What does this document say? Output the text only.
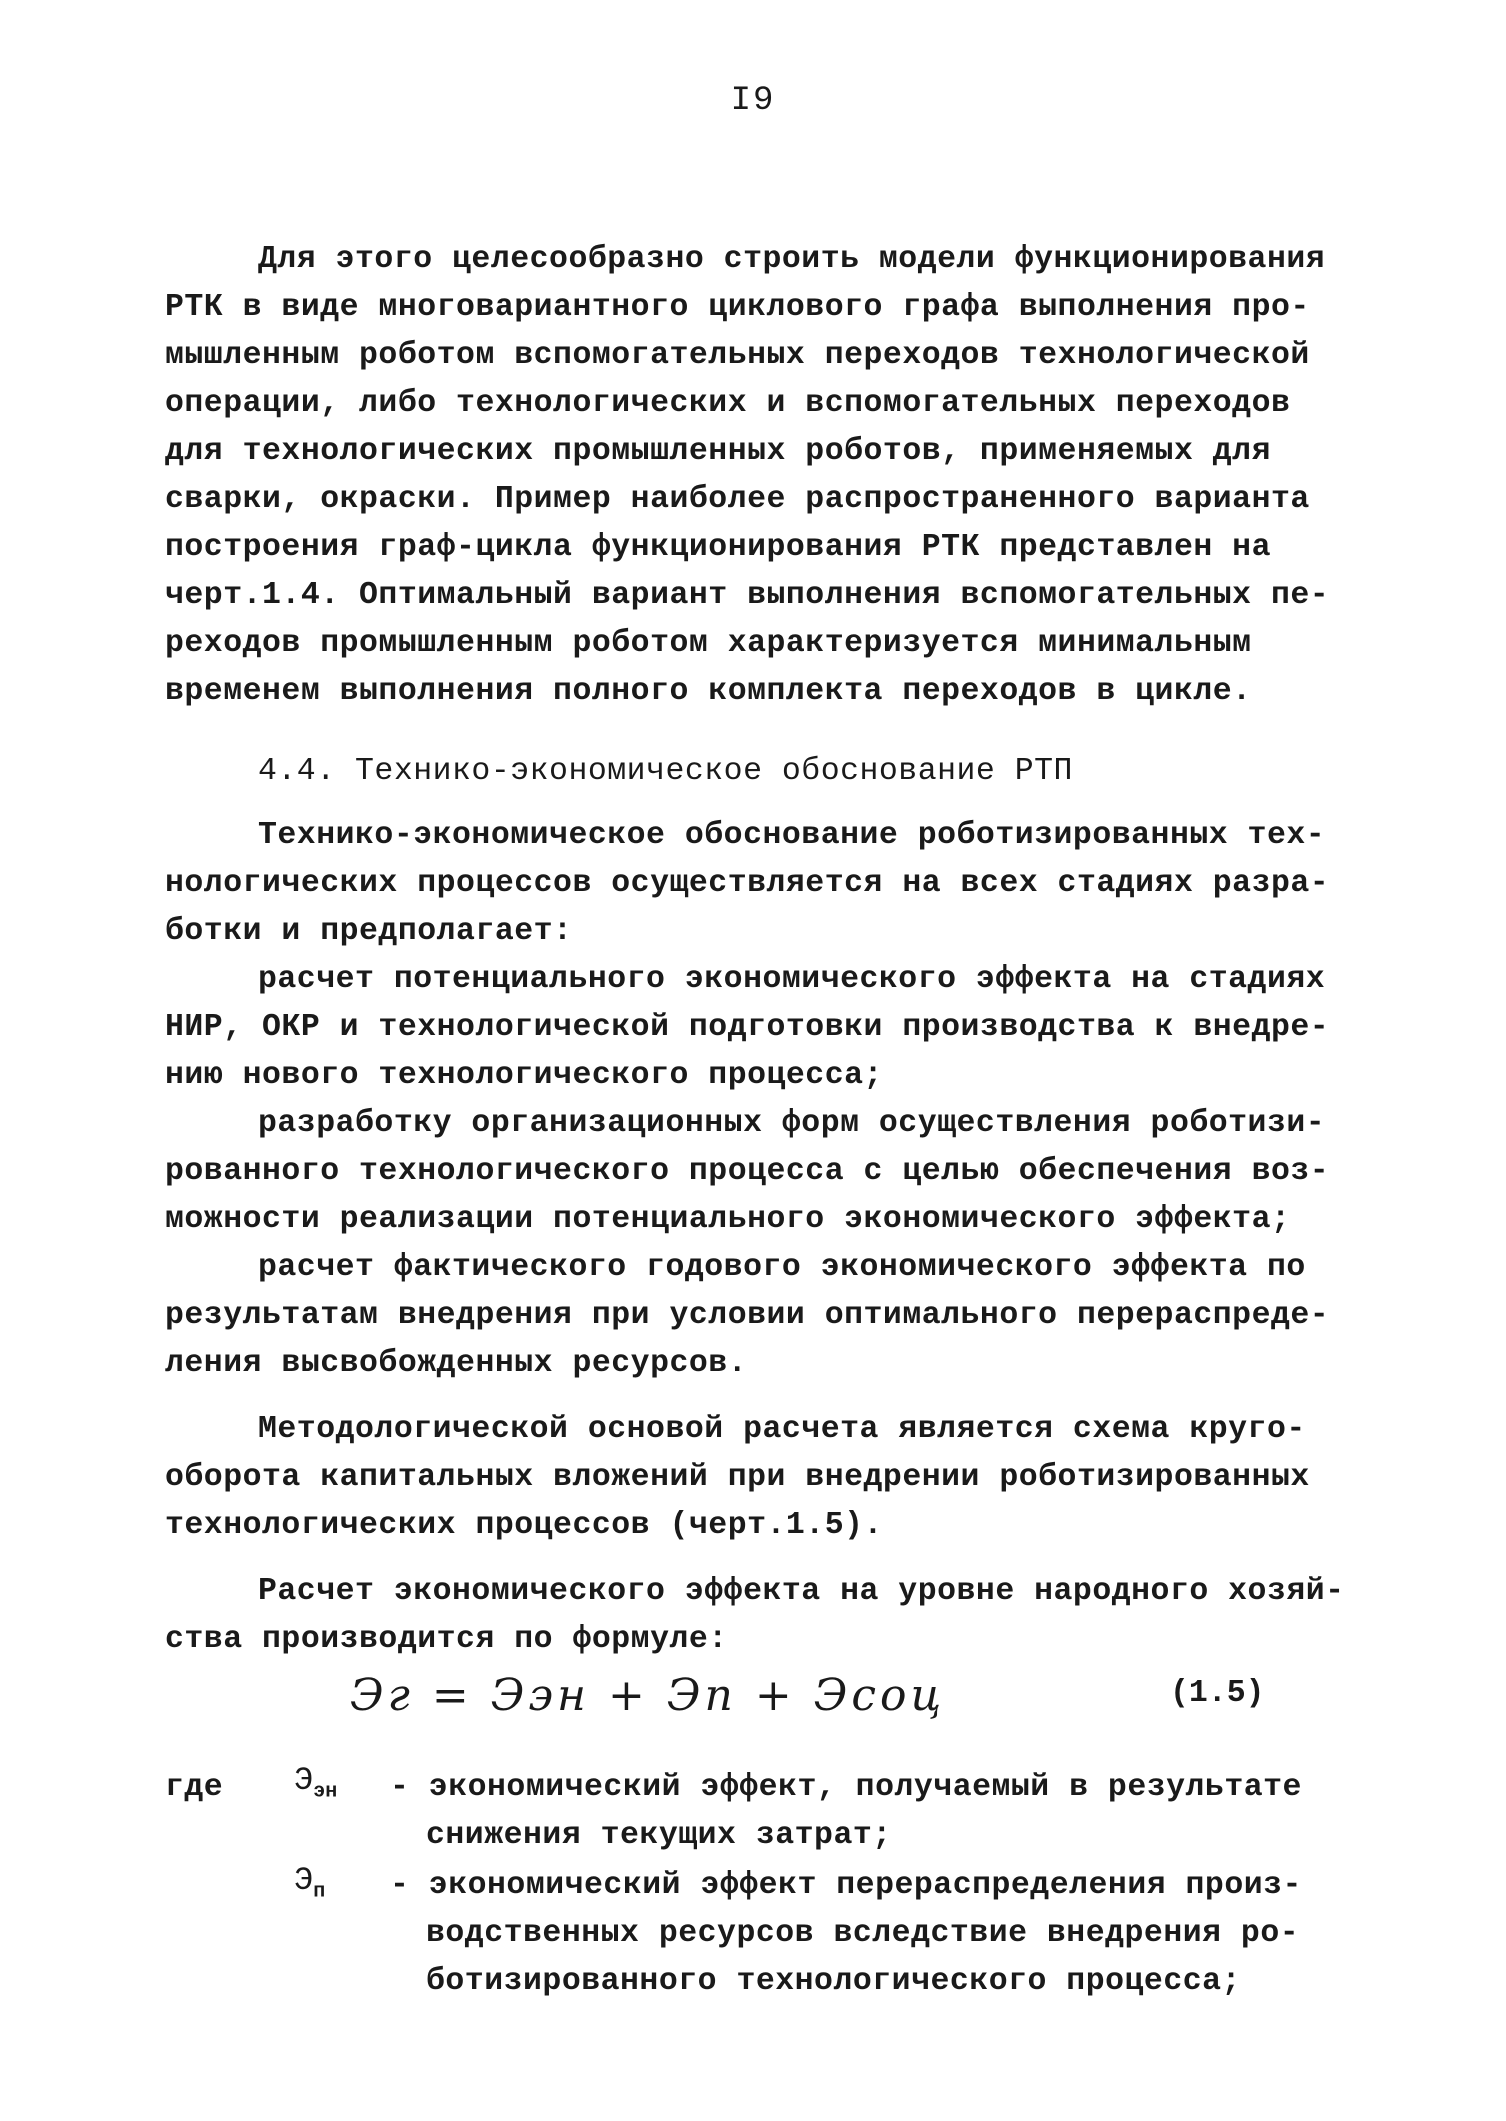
I9
Для этого целесообразно строить модели функционирования
РТК в виде многовариантного циклового графа выполнения про-
мышленным роботом вспомогательных переходов технологической
операции, либо технологических и вспомогательных переходов
для технологических промышленных роботов, применяемых для
сварки, окраски. Пример наиболее распространенного варианта
построения граф-цикла функционирования РТК представлен на
черт.1.4. Оптимальный вариант выполнения вспомогательных пе-
реходов промышленным роботом характеризуется минимальным
временем выполнения полного комплекта переходов в цикле.
4.4. Технико-экономическое обоснование РТП
Технико-экономическое обоснование роботизированных тех-
нологических процессов осуществляется на всех стадиях разра-
ботки и предполагает:
расчет потенциального экономического эффекта на стадиях
НИР, ОКР и технологической подготовки производства к внедре-
нию нового технологического процесса;
разработку организационных форм осуществления роботизи-
рованного технологического процесса с целью обеспечения воз-
можности реализации потенциального экономического эффекта;
расчет фактического годового экономического эффекта по
результатам внедрения при условии оптимального перераспреде-
ления высвобожденных ресурсов.
Методологической основой расчета является схема круго-
оборота капитальных вложений при внедрении роботизированных
технологических процессов (черт.1.5).
Расчет экономического эффекта на уровне народного хозяй-
ства производится по формуле:
Эг = Ээн + Эп + Эсоц	(1.5)
где $Э_{эн}$ - экономический эффект, получаемый в результате
снижения текущих затрат;
$Э_п$ - экономический эффект перераспределения произ-
водственных ресурсов вследствие внедрения ро-
ботизированного технологического процесса;
